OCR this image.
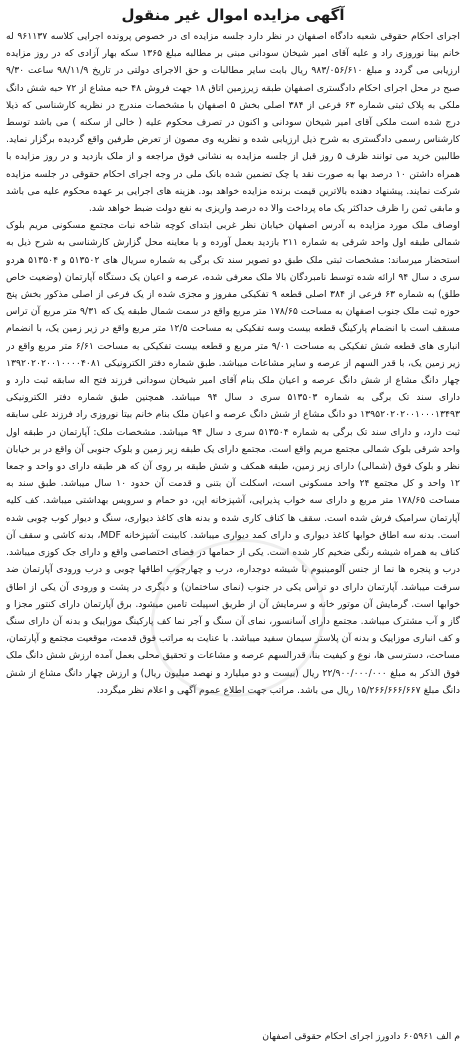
آگهی مزایده اموال غیر منقول

اجرای احکام حقوقی شعبه دادگاه اصفهان در نظر دارد جلسه مزایده ای در خصوص پرونده اجرایی کلاسه ۹۶۱۱۳۷ له خانم بیتا نوروزی راد و علیه آقای امیر شیخان سودانی مبنی بر مطالبه مبلغ ۱۳۶۵ سکه بهار آزادی که در روز مزایده ارزیابی می گردد و مبلغ ۹۸۳/۰۵۶/۶۱۰ ریال بابت سایر مطالبات و حق الاجرای دولتی در تاریخ ۹۸/۱۱/۹ ساعت ۹/۳۰ صبح در محل اجرای احکام دادگستری اصفهان طبقه زیرزمین اتاق ۱۸ جهت فروش ۴۸ حبه مشاع از ۷۲ حبه شش دانگ ملکی به پلاک ثبتی شماره ۶۳ فرعی از ۳۸۴ اصلی بخش ۵ اصفهان با مشخصات مندرج در نظریه کارشناسی که ذیلا درج شده است ملکی آقای امیر شیخان سودانی و اکنون در تصرف محکوم علیه ( خالی از سکنه ) می باشد توسط کارشناس رسمی دادگستری به شرح ذیل ارزیابی شده و نظریه وی مصون از تعرض طرفین واقع گردیده برگزار نماید. طالبین خرید می توانند ظرف ۵ روز قبل از جلسه مزایده به نشانی فوق مراجعه و از ملک بازدید و در روز مزایده با همراه داشتن ۱۰ درصد بها به صورت نقد یا چک تضمین شده بانک ملی در وجه اجرای احکام حقوقی در جلسه مزایده شرکت نمایند. پیشنهاد دهنده بالاترین قیمت برنده مزایده خواهد بود. هزینه های اجرایی بر عهده محکوم علیه می باشد و مابقی ثمن را ظرف حداکثر یک ماه پرداخت والا ده درصد واریزی به نفع دولت ضبط خواهد شد.

اوصاف ملک مورد مزایده به آدرس اصفهان خیابان نظر غربی ابتدای کوچه شاخه نبات مجتمع مسکونی مریم بلوک شمالی طبقه اول واحد شرقی به شماره ۲۱۱ بازدید بعمل آورده و با معاینه محل گزارش کارشناسی به شرح ذیل به استحضار میرساند: مشخصات ثبتی ملک طبق دو تصویر سند تک برگی به شماره سریال های ۵۱۳۵۰۲ و ۵۱۳۵۰۴ هردو سری د سال ۹۴ ارائه شده توسط نامبردگان بالا ملک معرفی شده، عرصه و اعیان یک دستگاه آپارتمان (وضعیت خاص طلق) به شماره ۶۳ فرعی از ۳۸۴ اصلی قطعه ۹ تفکیکی مفروز و مجزی شده از یک فرعی از اصلی مذکور بخش پنج حوزه ثبت ملک جنوب اصفهان به مساحت ۱۷۸/۶۵ متر مربع واقع در سمت شمال طبقه یک که ۹/۳۱ متر مربع آن تراس مسقف است با انضمام پارکینگ قطعه بیست وسه تفکیکی به مساحت ۱۲/۵ متر مربع واقع در زیر زمین یک، با انضمام انباری های قطعه شش تفکیکی به مساحت ۹/۰۱ متر مربع و قطعه بیست تفکیکی به مساحت ۶/۶۱ متر مربع واقع در زیر زمین یک، با قدر السهم از عرصه و سایر مشاعات میباشد. طبق شماره دفتر الکترونیکی ۱۳۹۲۰۲۰۲۰۰۱۰۰۰۰۴۰۸۱ چهار دانگ مشاع از شش دانگ عرصه و اعیان ملک بنام آقای امیر شیخان سودانی فرزند فتح اله سابقه ثبت دارد و دارای سند تک برگی به شماره ۵۱۳۵۰۳ سری د سال ۹۴ میباشد. همچنین طبق شماره دفتر الکترونیکی ۱۳۹۵۲۰۲۰۲۰۰۱۰۰۰۱۳۴۹۳ دو دانگ مشاع از شش دانگ عرصه و اعیان ملک بنام خانم بیتا نوروزی راد فرزند علی سابقه ثبت دارد، و دارای سند تک برگی به شماره ۵۱۳۵۰۴ سری د سال ۹۴ میباشد. مشخصات ملک: آپارتمان در طبقه اول واحد شرقی بلوک شمالی مجتمع مریم واقع است. مجتمع دارای یک طبقه زیر زمین و بلوک جنوبی آن واقع در بر خیابان نظر و بلوک فوق (شمالی) دارای زیر زمین، طبقه همکف و شش طبقه بر روی آن که هر طبقه دارای دو واحد و جمعا ۱۲ واحد و کل مجتمع ۲۴ واحد مسکونی است، اسکلت آن بتنی و قدمت آن حدود ۱۰ سال میباشد. طبق سند به مساحت ۱۷۸/۶۵ متر مربع و دارای سه خواب پذیرایی، آشپزخانه اپن، دو حمام و سرویس بهداشتی میباشد. کف کلیه آپارتمان سرامیک فرش شده است. سقف ها کناف کاری شده و بدنه های کاغذ دیواری، سنگ و دیوار کوب چوبی شده است. بدنه سه اطاق خوابها کاغذ دیواری و دارای کمد دیواری میباشد. کابینت آشپزخانه MDF، بدنه کاشی و سقف آن کناف به همراه شیشه رنگی ضخیم کار شده است. یکی از حمامها در فضای اختصاصی واقع و دارای جک کوزی میباشد. درب و پنجره ها نما از جنس آلومینیوم با شیشه دوجداره، درب و چهارچوب اطاقها چوبی و درب ورودی آپارتمان ضد سرقت میباشد. آپارتمان دارای دو تراس یکی در جنوب (نمای ساختمان) و دیگری در پشت و ورودی آن یکی از اطاق خوابها است. گرمایش آن موتور خانه و سرمایش آن از طریق اسپیلت تامین میشود. برق آپارتمان دارای کنتور مجزا و گاز و آب مشترک میباشد. مجتمع دارای آسانسور، نمای آن سنگ و آجر نما کف پارکینگ موزاییک و بدنه آن دارای سنگ و کف انباری موزاییک و بدنه آن پلاستر سیمان سفید میباشد. با عنایت به مراتب فوق قدمت، موقعیت مجتمع و آپارتمان، مساحت، دسترسی ها، نوع و کیفیت بنا، قدرالسهم عرصه و مشاعات و تحقیق محلی بعمل آمده ارزش شش دانگ ملک فوق الذکر به مبلغ ۲۲/۹۰۰/۰۰۰/۰۰۰ ریال (بیست و دو میلیارد و نهصد میلیون ریال) و ارزش چهار دانگ مشاع از شش دانگ مبلغ ۱۵/۲۶۶/۶۶۶/۶۶۷ ریال می باشد. مراتب جهت اطلاع عموم آگهی و اعلام نظر میگردد.

م الف ۶۰۵۹۶۱ دادورز اجرای احکام حقوقی اصفهان
